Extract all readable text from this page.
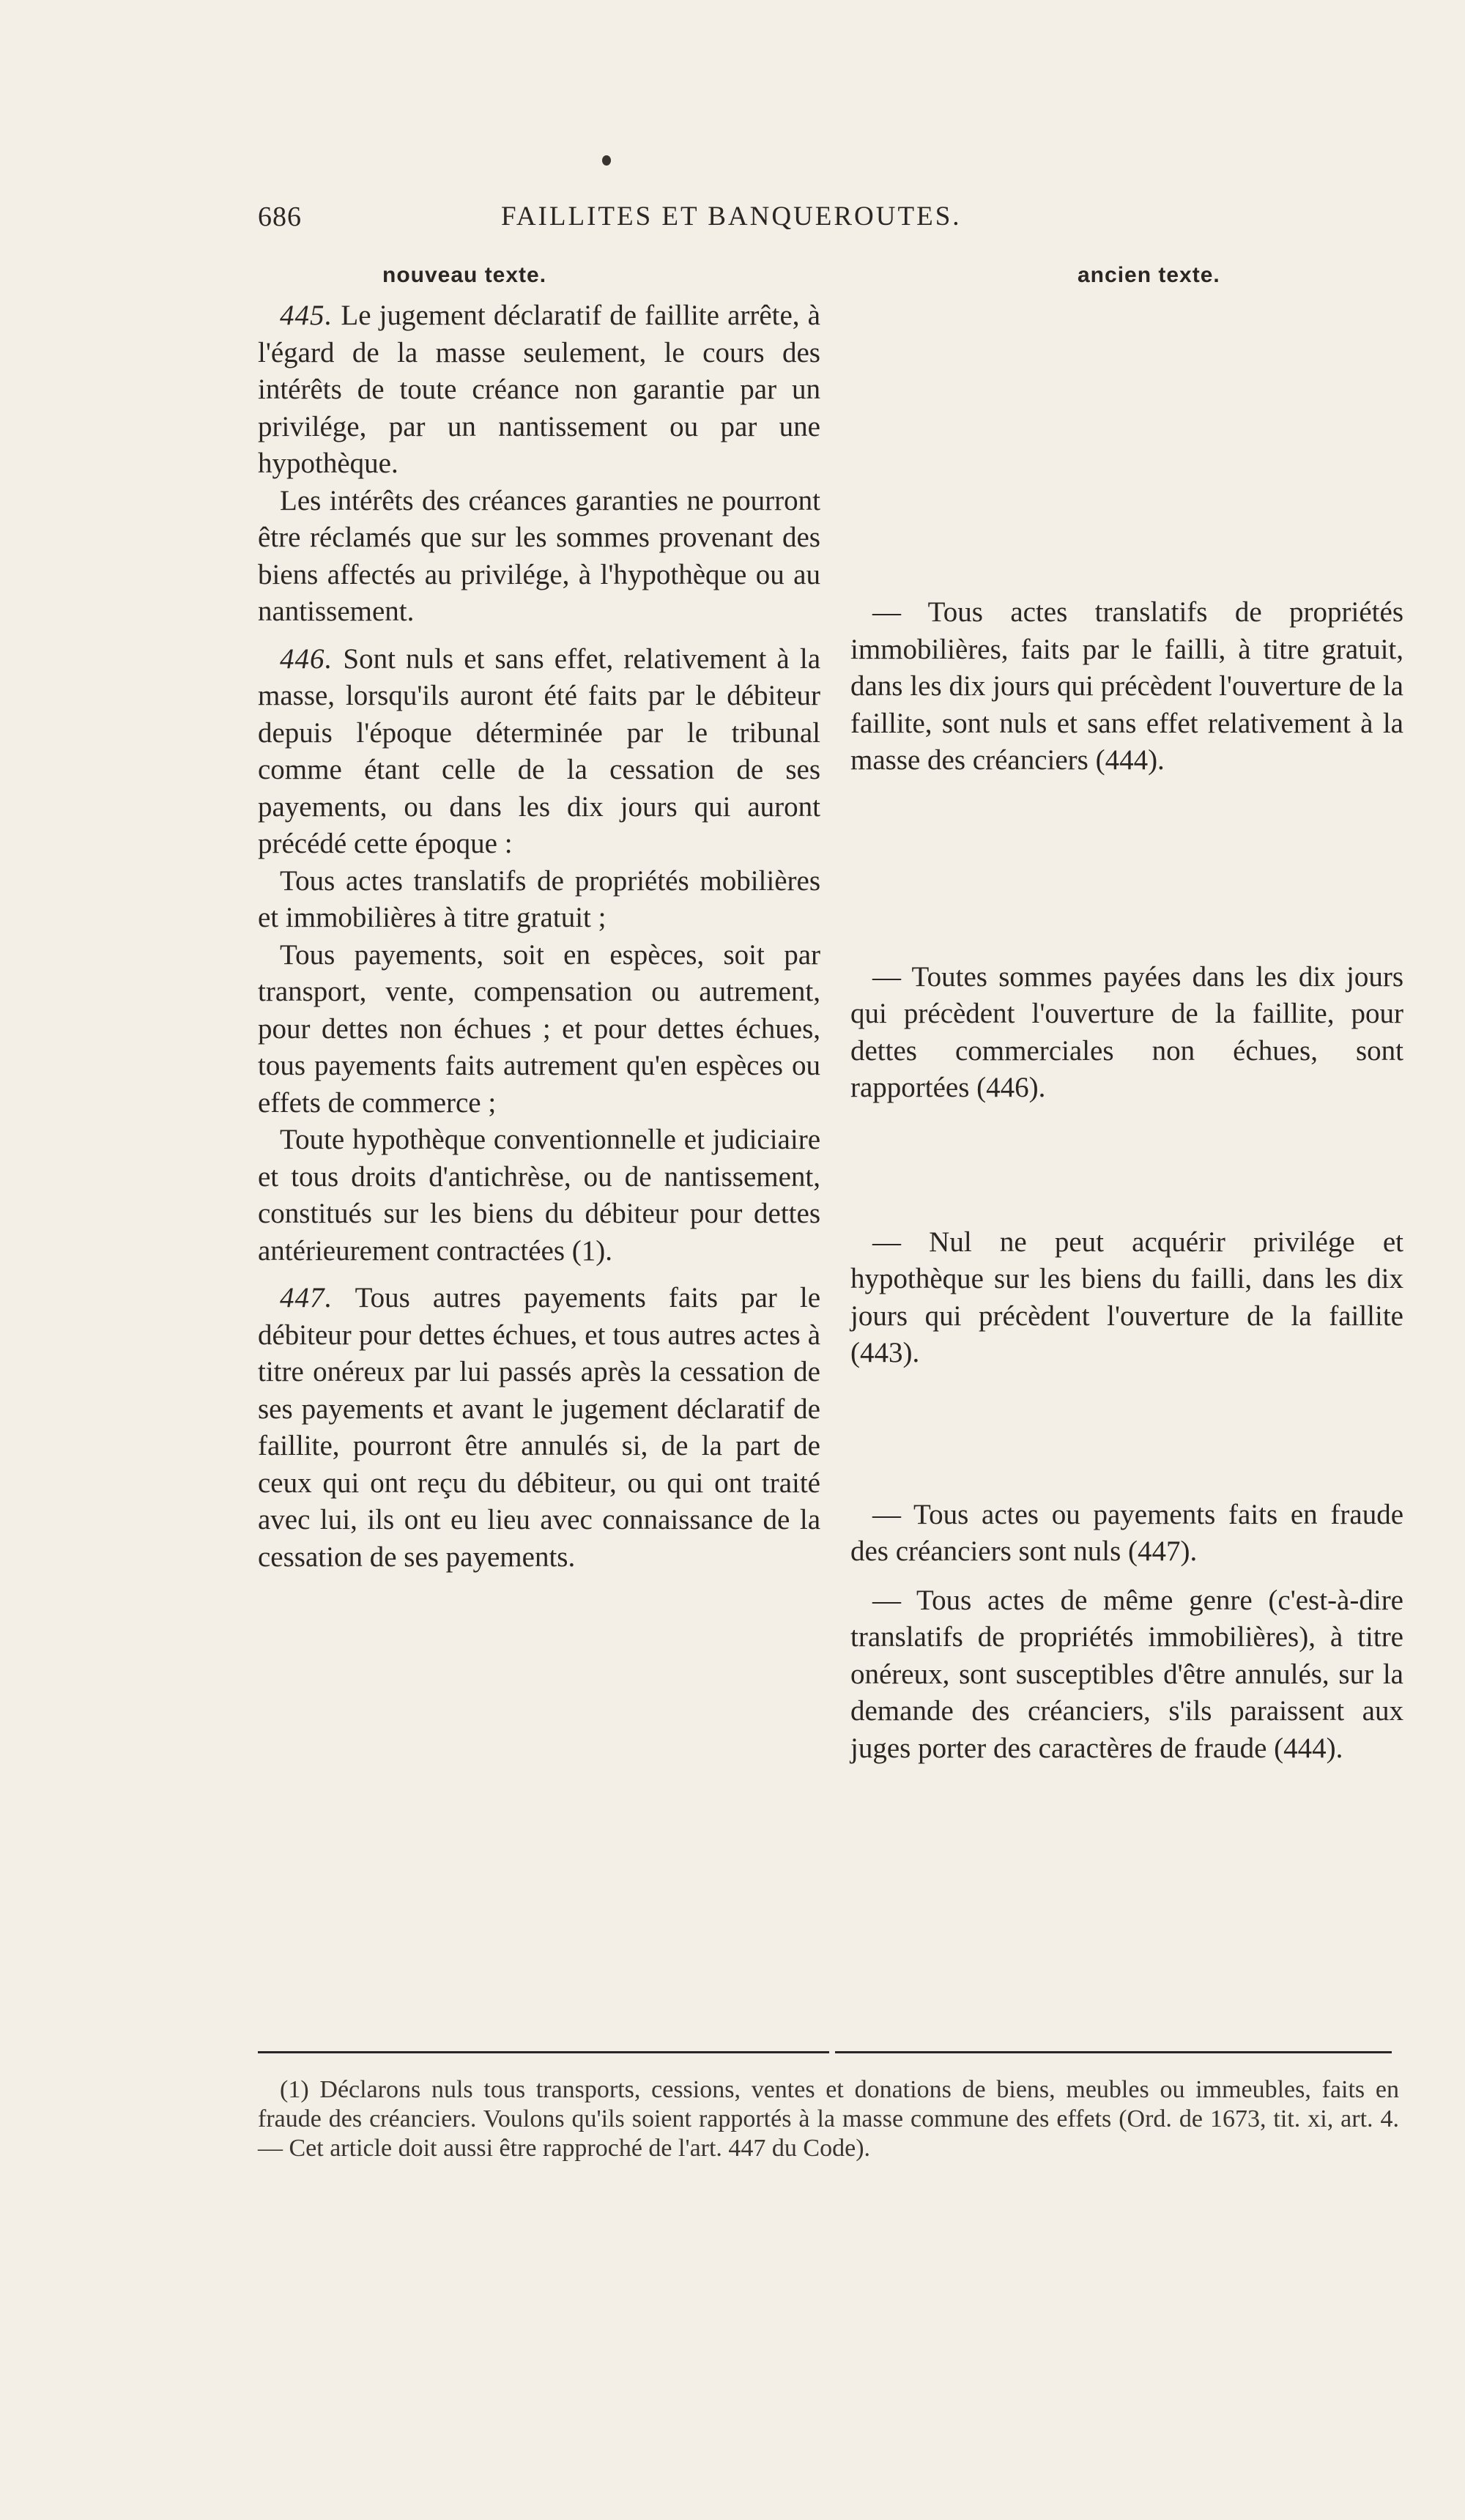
686	FAILLITES ET BANQUEROUTES.
nouveau texte.

445. Le jugement déclaratif de faillite arrête, à l'égard de la masse seulement, le cours des intérêts de toute créance non garantie par un privilége, par un nantissement ou par une hypothèque.

Les intérêts des créances garanties ne pourront être réclamés que sur les sommes provenant des biens affectés au privilége, à l'hypothèque ou au nantissement.

446. Sont nuls et sans effet, relativement à la masse, lorsqu'ils auront été faits par le débiteur depuis l'époque déterminée par le tribunal comme étant celle de la cessation de ses payements, ou dans les dix jours qui auront précédé cette époque :

Tous actes translatifs de propriétés mobilières et immobilières à titre gratuit ;

Tous payements, soit en espèces, soit par transport, vente, compensation ou autrement, pour dettes non échues ; et pour dettes échues, tous payements faits autrement qu'en espèces ou effets de commerce ;

Toute hypothèque conventionnelle et judiciaire et tous droits d'antichrèse, ou de nantissement, constitués sur les biens du débiteur pour dettes antérieurement contractées (1).

447. Tous autres payements faits par le débiteur pour dettes échues, et tous autres actes à titre onéreux par lui passés après la cessation de ses payements et avant le jugement déclaratif de faillite, pourront être annulés si, de la part de ceux qui ont reçu du débiteur, ou qui ont traité avec lui, ils ont eu lieu avec connaissance de la cessation de ses payements.

ancien texte.

— Tous actes translatifs de propriétés immobilières, faits par le failli, à titre gratuit, dans les dix jours qui précèdent l'ouverture de la faillite, sont nuls et sans effet relativement à la masse des créanciers (444).

— Toutes sommes payées dans les dix jours qui précèdent l'ouverture de la faillite, pour dettes commerciales non échues, sont rapportées (446).

— Nul ne peut acquérir privilége et hypothèque sur les biens du failli, dans les dix jours qui précèdent l'ouverture de la faillite (443).

— Tous actes ou payements faits en fraude des créanciers sont nuls (447).

— Tous actes de même genre (c'est-à-dire translatifs de propriétés immobilières), à titre onéreux, sont susceptibles d'être annulés, sur la demande des créanciers, s'ils paraissent aux juges porter des caractères de fraude (444).

(1) Déclarons nuls tous transports, cessions, ventes et donations de biens, meubles ou immeubles, faits en fraude des créanciers. Voulons qu'ils soient rapportés à la masse commune des effets (Ord. de 1673, tit. xi, art. 4. — Cet article doit aussi être rapproché de l'art. 447 du Code).
